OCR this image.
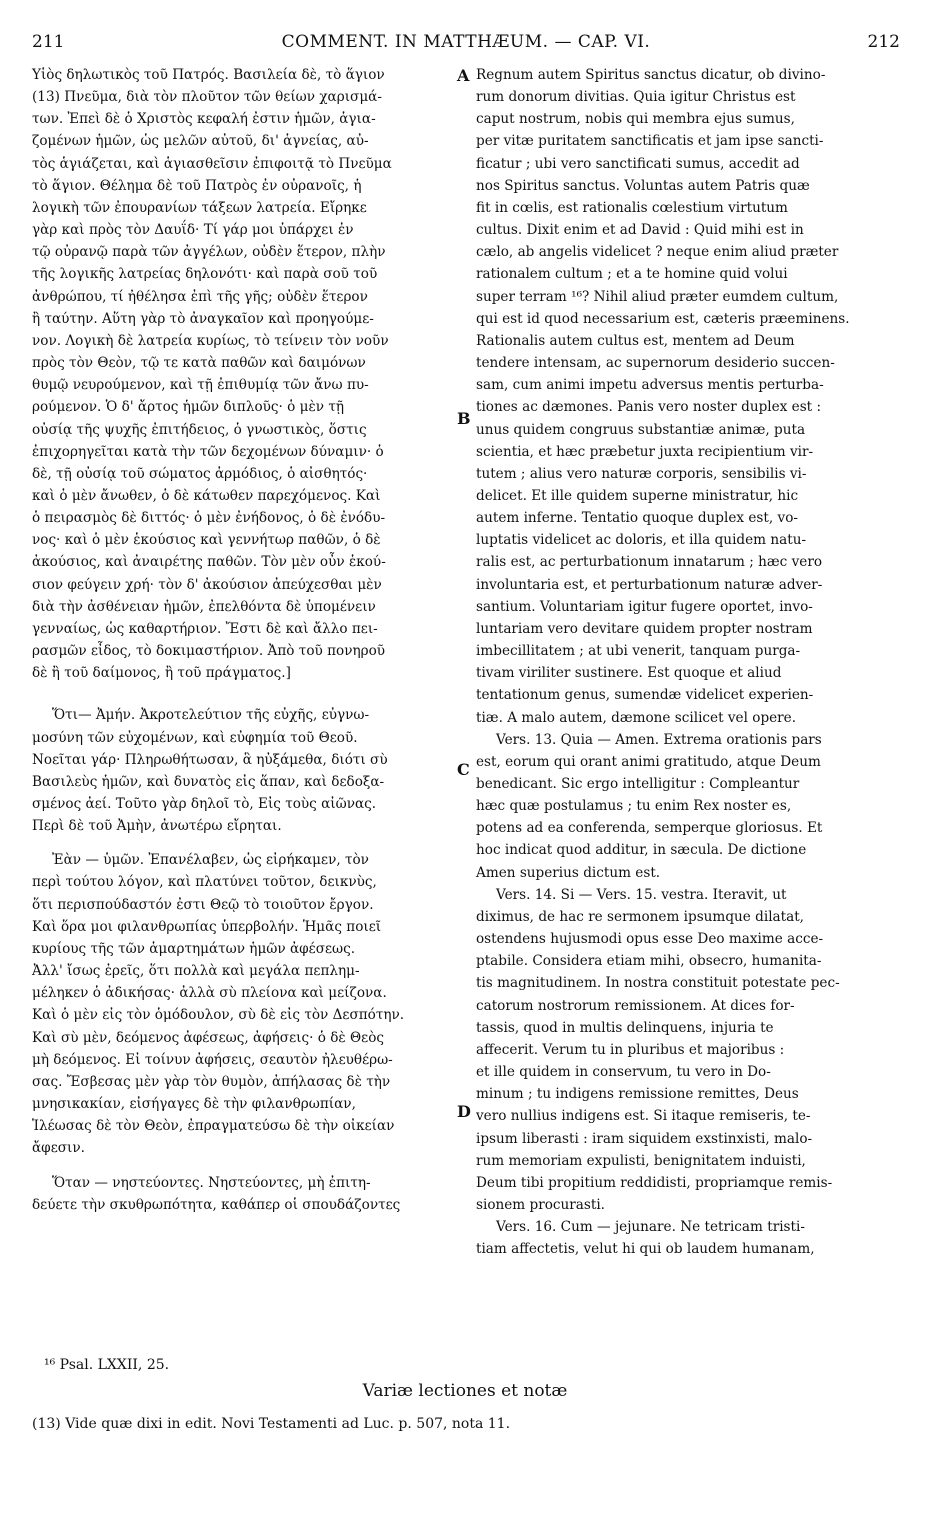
211	COMMENT. IN MATTHÆUM. — CAP. VI.	212
Υἱὸς δηλωτικὸς τοῦ Πατρός. Βασιλεία δὲ, τὸ ἅγιον
(13) Πνεῦμα, διὰ τὸν πλοῦτον τῶν θείων χαρισμά-
των. Ἐπεὶ δὲ ὁ Χριστὸς κεφαλή ἐστιν ἡμῶν, ἁγια-
ζομένων ἡμῶν, ὡς μελῶν αὐτοῦ, δι' ἁγνείας, αὐ-
τὸς ἁγιάζεται, καὶ ἁγιασθεῖσιν ἐπιφοιτᾷ τὸ Πνεῦμα
τὸ ἅγιον. Θέλημα δὲ τοῦ Πατρὸς ἐν οὐρανοῖς, ἡ
λογικὴ τῶν ἐπουρανίων τάξεων λατρεία. Εἴρηκε
γὰρ καὶ πρὸς τὸν Δαυΐδ· Τί γάρ μοι ὑπάρχει ἐν
τῷ οὐρανῷ παρὰ τῶν ἀγγέλων, οὐδὲν ἕτερον, πλὴν
τῆς λογικῆς λατρείας δηλονότι· καὶ παρὰ σοῦ τοῦ
ἀνθρώπου, τί ἠθέλησα ἐπὶ τῆς γῆς; οὐδὲν ἕτερον
ἢ ταύτην. Αὕτη γὰρ τὸ ἀναγκαῖον καὶ προηγούμε-
νον. Λογικὴ δὲ λατρεία κυρίως, τὸ τείνειν τὸν νοῦν
πρὸς τὸν Θεὸν, τῷ τε κατὰ παθῶν καὶ δαιμόνων
θυμῷ νευρούμενον, καὶ τῇ ἐπιθυμίᾳ τῶν ἄνω πυ-
ρούμενον. Ὁ δ' ἄρτος ἡμῶν διπλοῦς· ὁ μὲν τῇ
οὐσίᾳ τῆς ψυχῆς ἐπιτήδειος, ὁ γνωστικὸς, ὅστις
ἐπιχορηγεῖται κατὰ τὴν τῶν δεχομένων δύναμιν· ὁ
δὲ, τῇ οὐσίᾳ τοῦ σώματος ἁρμόδιος, ὁ αἰσθητός·
καὶ ὁ μὲν ἄνωθεν, ὁ δὲ κάτωθεν παρεχόμενος. Καὶ
ὁ πειρασμὸς δὲ διττός· ὁ μὲν ἐνήδονος, ὁ δὲ ἐνόδυ-
νος· καὶ ὁ μὲν ἑκούσιος καὶ γεννήτωρ παθῶν, ὁ δὲ
ἀκούσιος, καὶ ἀναιρέτης παθῶν. Τὸν μὲν οὖν ἑκού-
σιον φεύγειν χρή· τὸν δ' ἀκούσιον ἀπεύχεσθαι μὲν
διὰ τὴν ἀσθένειαν ἡμῶν, ἐπελθόντα δὲ ὑπομένειν
γενναίως, ὡς καθαρτήριον. Ἔστι δὲ καὶ ἄλλο πει-
ρασμῶν εἶδος, τὸ δοκιμαστήριον. Ἀπὸ τοῦ πονηροῦ
δὲ ἢ τοῦ δαίμονος, ἢ τοῦ πράγματος.]
Ὅτι— Ἀμήν. Ἀκροτελεύτιον τῆς εὐχῆς, εὐγνω-
μοσύνη τῶν εὐχομένων, καὶ εὐφημία τοῦ Θεοῦ.
Νοεῖται γάρ· Πληρωθήτωσαν, ἃ ηὐξάμεθα, διότι σὺ
Βασιλεὺς ἡμῶν, καὶ δυνατὸς εἰς ἅπαν, καὶ δεδοξα-
σμένος ἀεί. Τοῦτο γὰρ δηλοῖ τὸ, Εἰς τοὺς αἰῶνας.
Περὶ δὲ τοῦ Ἀμὴν, ἀνωτέρω εἴρηται.
Ἐὰν — ὑμῶν. Ἐπανέλαβεν, ὡς εἰρήκαμεν, τὸν
περὶ τούτου λόγον, καὶ πλατύνει τοῦτον, δεικνὺς,
ὅτι περισπούδαστόν ἐστι Θεῷ τὸ τοιοῦτον ἔργον.
Καὶ ὅρα μοι φιλανθρωπίας ὑπερβολήν. Ἡμᾶς ποιεῖ
κυρίους τῆς τῶν ἁμαρτημάτων ἡμῶν ἀφέσεως.
Ἀλλ' ἴσως ἐρεῖς, ὅτι πολλὰ καὶ μεγάλα πεπλημ-
μέληκεν ὁ ἀδικήσας· ἀλλὰ σὺ πλείονα καὶ μείζονα.
Καὶ ὁ μὲν εἰς τὸν ὁμόδουλον, σὺ δὲ εἰς τὸν Δεσπότην.
Καὶ σὺ μὲν, δεόμενος ἀφέσεως, ἀφήσεις· ὁ δὲ Θεὸς
μὴ δεόμενος. Εἰ τοίνυν ἀφήσεις, σεαυτὸν ἠλευθέρω-
σας. Ἔσβεσας μὲν γὰρ τὸν θυμὸν, ἀπήλασας δὲ τὴν
μνησικακίαν, εἰσήγαγες δὲ τὴν φιλανθρωπίαν,
Ἱλέωσας δὲ τὸν Θεὸν, ἐπραγματεύσω δὲ τὴν οἰκείαν
ἄφεσιν.
Ὅταν — νηστεύοντες. Νηστεύοντες, μὴ ἐπιτη-
δεύετε τὴν σκυθρωπότητα, καθάπερ οἱ σπουδάζοντες
Regnum autem Spiritus sanctus dicatur, ob divino-
rum donorum divitias. Quia igitur Christus est
caput nostrum, nobis qui membra ejus sumus,
per vitæ puritatem sanctificatis et jam ipse sancti-
ficatur ; ubi vero sanctificati sumus, accedit ad
nos Spiritus sanctus. Voluntas autem Patris quæ
fit in cœlis, est rationalis cœlestium virtutum
cultus. Dixit enim et ad David : Quid mihi est in
cælo, ab angelis videlicet ? neque enim aliud præter
rationalem cultum ; et a te homine quid volui
super terram ¹⁶? Nihil aliud præter eumdem cultum,
qui est id quod necessarium est, cæteris præeminens.
Rationalis autem cultus est, mentem ad Deum
tendere intensam, ac supernorum desiderio succen-
sam, cum animi impetu adversus mentis perturba-
tiones ac dæmones. Panis vero noster duplex est :
unus quidem congruus substantiæ animæ, puta
scientia, et hæc præbetur juxta recipientium vir-
tutem ; alius vero naturæ corporis, sensibilis vi-
delicet. Et ille quidem superne ministratur, hic
autem inferne. Tentatio quoque duplex est, vo-
luptatis videlicet ac doloris, et illa quidem natu-
ralis est, ac perturbationum innatarum ; hæc vero
involuntaria est, et perturbationum naturæ adver-
santium. Voluntariam igitur fugere oportet, invo-
luntariam vero devitare quidem propter nostram
imbecillitatem ; at ubi venerit, tanquam purga-
tivam viriliter sustinere. Est quoque et aliud
tentationum genus, sumendæ videlicet experien-
tiæ. A malo autem, dæmone scilicet vel opere.
Vers. 13. Quia — Amen. Extrema orationis pars
est, eorum qui orant animi gratitudo, atque Deum
benedicant. Sic ergo intelligitur : Compleantur
hæc quæ postulamus ; tu enim Rex noster es,
potens ad ea conferenda, semperque gloriosus. Et
hoc indicat quod additur, in sæcula. De dictione
Amen superius dictum est.
Vers. 14. Si — Vers. 15. vestra. Iteravit, ut
diximus, de hac re sermonem ipsumque dilatat,
ostendens hujusmodi opus esse Deo maxime acce-
ptabile. Considera etiam mihi, obsecro, humanita-
tis magnitudinem. In nostra constituit potestate pec-
catorum nostrorum remissionem. At dices for-
tassis, quod in multis delinquens, injuria te
affecerit. Verum tu in pluribus et majoribus :
et ille quidem in conservum, tu vero in Do-
minum ; tu indigens remissione remittes, Deus
vero nullius indigens est. Si itaque remiseris, te-
ipsum liberasti : iram siquidem exstinxisti, malo-
rum memoriam expulisti, benignitatem induisti,
Deum tibi propitium reddidisti, propriamque remis-
sionem procurasti.
Vers. 16. Cum — jejunare. Ne tetricam tristi-
tiam affectetis, velut hi qui ob laudem humanam,
A
B
C
D
¹⁶ Psal. LXXII, 25.
Variæ lectiones et notæ
(13) Vide quæ dixi in edit. Novi Testamenti ad Luc. p. 507, nota 11.
